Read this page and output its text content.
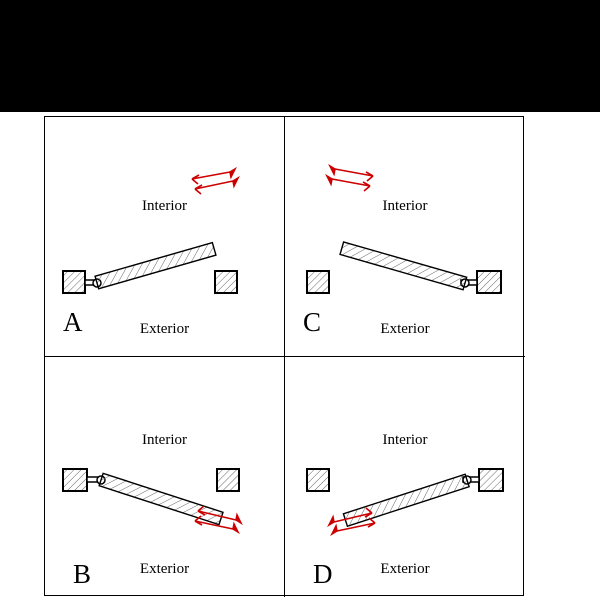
Interior
Exterior
A
Interior
Exterior
C
Interior
Exterior
B
Interior
Exterior
D
